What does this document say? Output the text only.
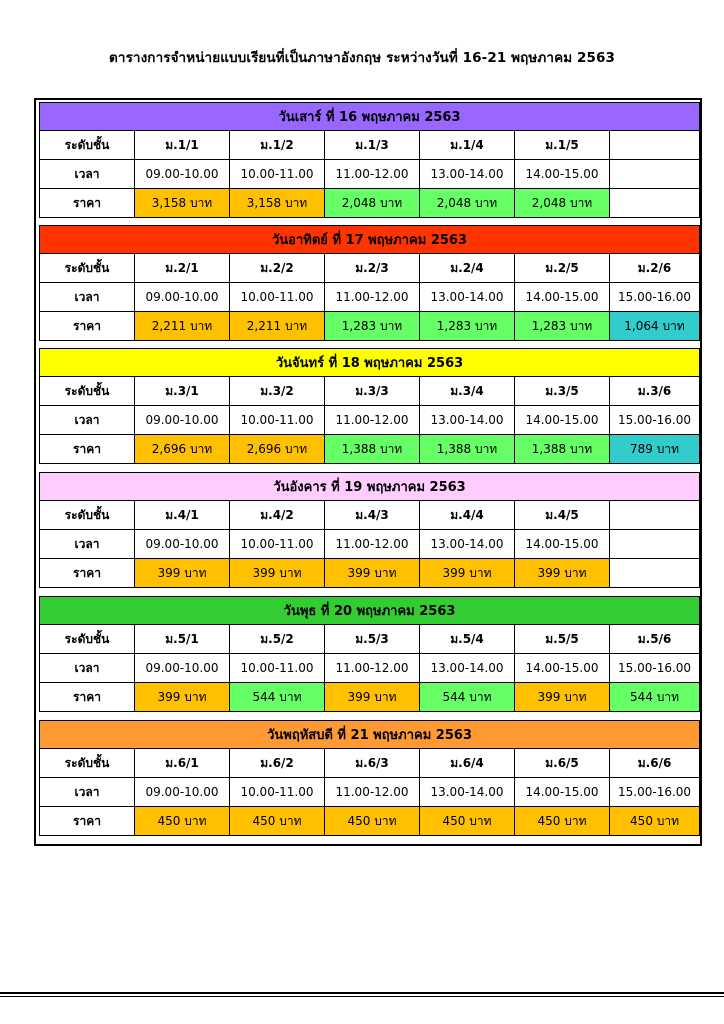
ตารางการจำหน่ายแบบเรียนที่เป็นภาษาอังกฤษ ระหว่างวันที่ 16-21 พฤษภาคม 2563
วันเสาร์ ที่ 16 พฤษภาคม 2563						
ระดับชั้น	ม.1/1	ม.1/2	ม.1/3	ม.1/4	ม.1/5	
เวลา	09.00-10.00	10.00-11.00	11.00-12.00	13.00-14.00	14.00-15.00	
ราคา	3,158 บาท	3,158 บาท	2,048 บาท	2,048 บาท	2,048 บาท	
วันอาทิตย์ ที่ 17 พฤษภาคม 2563						
ระดับชั้น	ม.2/1	ม.2/2	ม.2/3	ม.2/4	ม.2/5	ม.2/6
เวลา	09.00-10.00	10.00-11.00	11.00-12.00	13.00-14.00	14.00-15.00	15.00-16.00
ราคา	2,211 บาท	2,211 บาท	1,283 บาท	1,283 บาท	1,283 บาท	1,064 บาท
วันจันทร์ ที่ 18 พฤษภาคม 2563						
ระดับชั้น	ม.3/1	ม.3/2	ม.3/3	ม.3/4	ม.3/5	ม.3/6
เวลา	09.00-10.00	10.00-11.00	11.00-12.00	13.00-14.00	14.00-15.00	15.00-16.00
ราคา	2,696 บาท	2,696 บาท	1,388 บาท	1,388 บาท	1,388 บาท	789 บาท
วันอังคาร ที่ 19 พฤษภาคม 2563						
ระดับชั้น	ม.4/1	ม.4/2	ม.4/3	ม.4/4	ม.4/5	
เวลา	09.00-10.00	10.00-11.00	11.00-12.00	13.00-14.00	14.00-15.00	
ราคา	399 บาท	399 บาท	399 บาท	399 บาท	399 บาท	
วันพุธ ที่ 20 พฤษภาคม 2563						
ระดับชั้น	ม.5/1	ม.5/2	ม.5/3	ม.5/4	ม.5/5	ม.5/6
เวลา	09.00-10.00	10.00-11.00	11.00-12.00	13.00-14.00	14.00-15.00	15.00-16.00
ราคา	399 บาท	544 บาท	399 บาท	544 บาท	399 บาท	544 บาท
วันพฤหัสบดี ที่ 21 พฤษภาคม 2563						
ระดับชั้น	ม.6/1	ม.6/2	ม.6/3	ม.6/4	ม.6/5	ม.6/6
เวลา	09.00-10.00	10.00-11.00	11.00-12.00	13.00-14.00	14.00-15.00	15.00-16.00
ราคา	450 บาท	450 บาท	450 บาท	450 บาท	450 บาท	450 บาท
